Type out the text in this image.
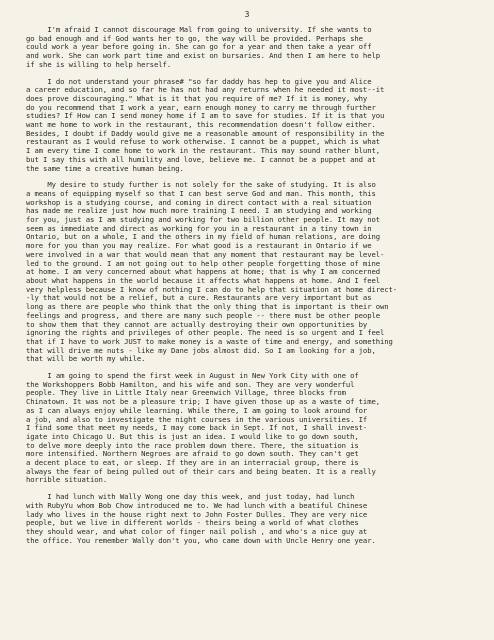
3
I'm afraid I cannot discourage Mal from going to university. If she wants to
go bad enough and if God wants her to go, the way will be provided. Perhaps she
could work a year before going in. She can go for a year and then take a year off
and work. She can work part time and exist on bursaries. And then I am here to help
if she is willing to help herself.
I do not understand your phrase# "so far daddy has hep to give you and Alice
a career education, and so far he has not had any returns when he needed it most--it
does prove discouraging." What is it that you require of me? If it is money, why
do you recommend that I work a year, earn enough money to carry me through further
studies? If How can I send money home if I am to save for studies. If it is that you
want me home to work in the restaurant, this recommendation doesn't follow either.
Besides, I doubt if Daddy would give me a reasonable amount of responsibility in the
restaurant as I would refuse to work otherwise. I cannot be a puppet, which is what
I am every time I come home to work in the restaurant. This may sound rather blunt,
but I say this with all humility and love, believe me. I cannot be a puppet and at
the same time a creative human being.
My desire to study further is not solely for the sake of studying. It is also
a means of equipping myself so that I can best serve God and man. This month, this
workshop is a studying course, and coming in direct contact with a real situation
has made me realize just how much more training I need. I am studying and working
for you, just as I am studying and working for two billion other people. It may not
seem as immediate and direct as working for you in a restaurant in a tiny town in
Ontario, but on a whole, I and the others in my field of human relations, are doing
more for you than you may realize. For what good is a restaurant in Ontario if we
were involved in a war that would mean that any moment that restaurant may be level-
led to the ground. I am not going out to help other people forgetting those of mine
at home. I am very concerned about what happens at home; that is why I am concerned
about what happens in the world because it affects what happens at home. And I feel
very helpless because I know of nothing I can do to help that situation at home direct-
-ly that would not be a relief, but a cure. Restaurants are very important but as
long as there are people who think that the only thing that is important is their own
feelings and progress, and there are many such people -- there must be other people
to show them that they cannot are actually destroying their own opportunities by
ignoring the rights and privileges of other people. The need is so urgent and I feel
that if I have to work JUST to make money is a waste of time and energy, and something
that will drive me nuts - like my Dane jobs almost did. So I am looking for a job,
that will be worth my while.
I am going to spend the first week in August in New York City with one of
the Workshoppers Bobb Hamilton, and his wife and son. They are very wonderful
people. They live in Little Italy near Greenwich Village, three blocks from
Chinatown. It was not be a pleasure trip; I have given those up as a waste of time,
as I can always enjoy while learning. While there, I am going to look around for
a job, and also to investigate the night courses in the various universities. If
I find some that meet my needs, I may come back in Sept. If not, I shall invest-
igate into Chicago U. But this is just an idea. I would like to go down south,
to delve more deeply into the race problem down there. There, the situation is
more intensified. Northern Negroes are afraid to go down south. They can't get
a decent place to eat, or sleep. If they are in an interracial group, there is
always the fear of being pulled out of their cars and being beaten. It is a really
horrible situation.
I had lunch with Wally Wong one day this week, and just today, had lunch
with RubyYu whom Bob Chow introduced me to. We had lunch with a beatiful Chinese
lady who lives in the house right next to John Foster Dulles. They are very nice
people, but we live in different worlds - theirs being a world of what clothes
they should wear, and what color of finger nail polish , and who's a nice guy at
the office. You remember Wally don't you, who came down with Uncle Henry one year.
